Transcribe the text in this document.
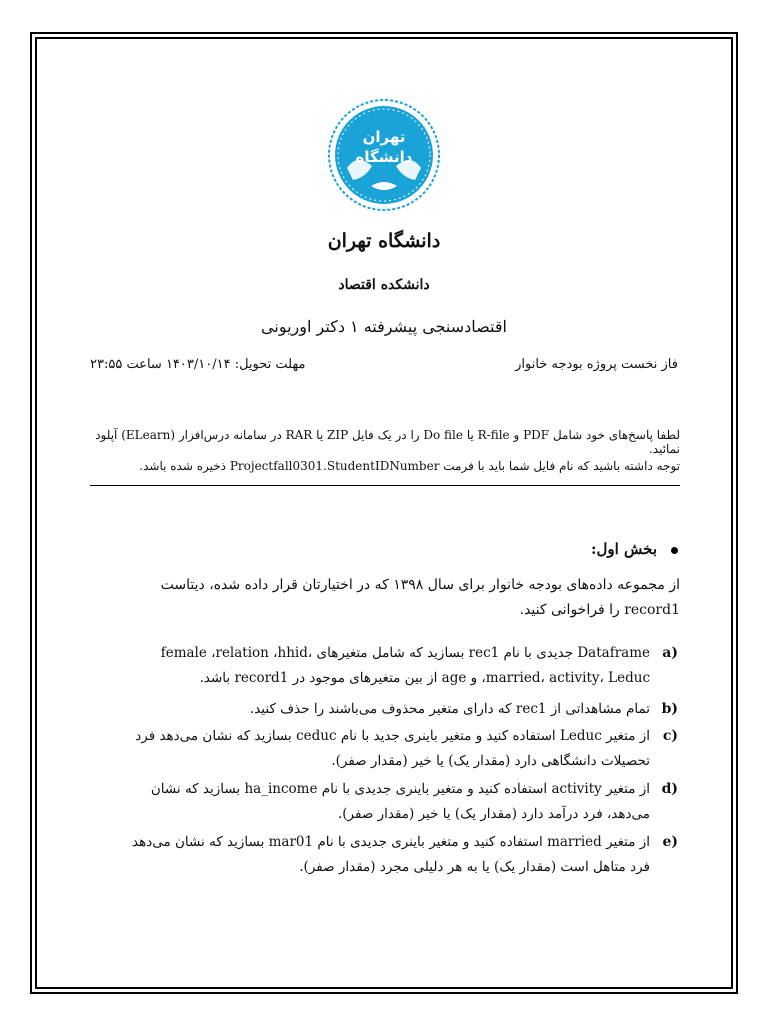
تهران
دانشگاه
دانشگاه تهران
دانشکده اقتصاد
اقتصادسنجی پیشرفته ۱ دکتر اوریونی
فاز نخست پروژه بودجه خانوار
مهلت تحویل: ۱۴۰۳/۱۰/۱۴ ساعت ۲۳:۵۵
لطفا پاسخ‌های خود شامل PDF و R-file یا Do file را در یک فایل ZIP یا RAR در سامانه درس‌افزار (ELearn) آپلود نمائید.
توجه داشته باشید که نام فایل شما باید با فرمت Projectfall0301.StudentIDNumber ذخیره شده باشد.
بخش اول:
از مجموعه داده‌های بودجه خانوار برای سال ۱۳۹۸ که در اختیارتان قرار داده شده، دیتاست record1 را فراخوانی کنید.
a)
Dataframe جدیدی با نام rec1 بسازید که شامل متغیرهای female ،relation ،hhid، married، activity، Leduc، و age از بین متغیرهای موجود در record1 باشد.
b)
تمام مشاهداتی از rec1 که دارای متغیر محذوف می‌باشند را حذف کنید.
c)
از متغیر Leduc استفاده کنید و متغیر باینری جدید با نام ceduc بسازید که نشان می‌دهد فرد تحصیلات دانشگاهی دارد (مقدار یک) یا خیر (مقدار صفر).
d)
از متغیر activity استفاده کنید و متغیر باینری جدیدی با نام ha_income بسازید که نشان می‌دهد، فرد درآمد دارد (مقدار یک) یا خیر (مقدار صفر).
e)
از متغیر married استفاده کنید و متغیر باینری جدیدی با نام mar01 بسازید که نشان می‌دهد فرد متاهل است (مقدار یک) یا به هر دلیلی مجرد (مقدار صفر).
